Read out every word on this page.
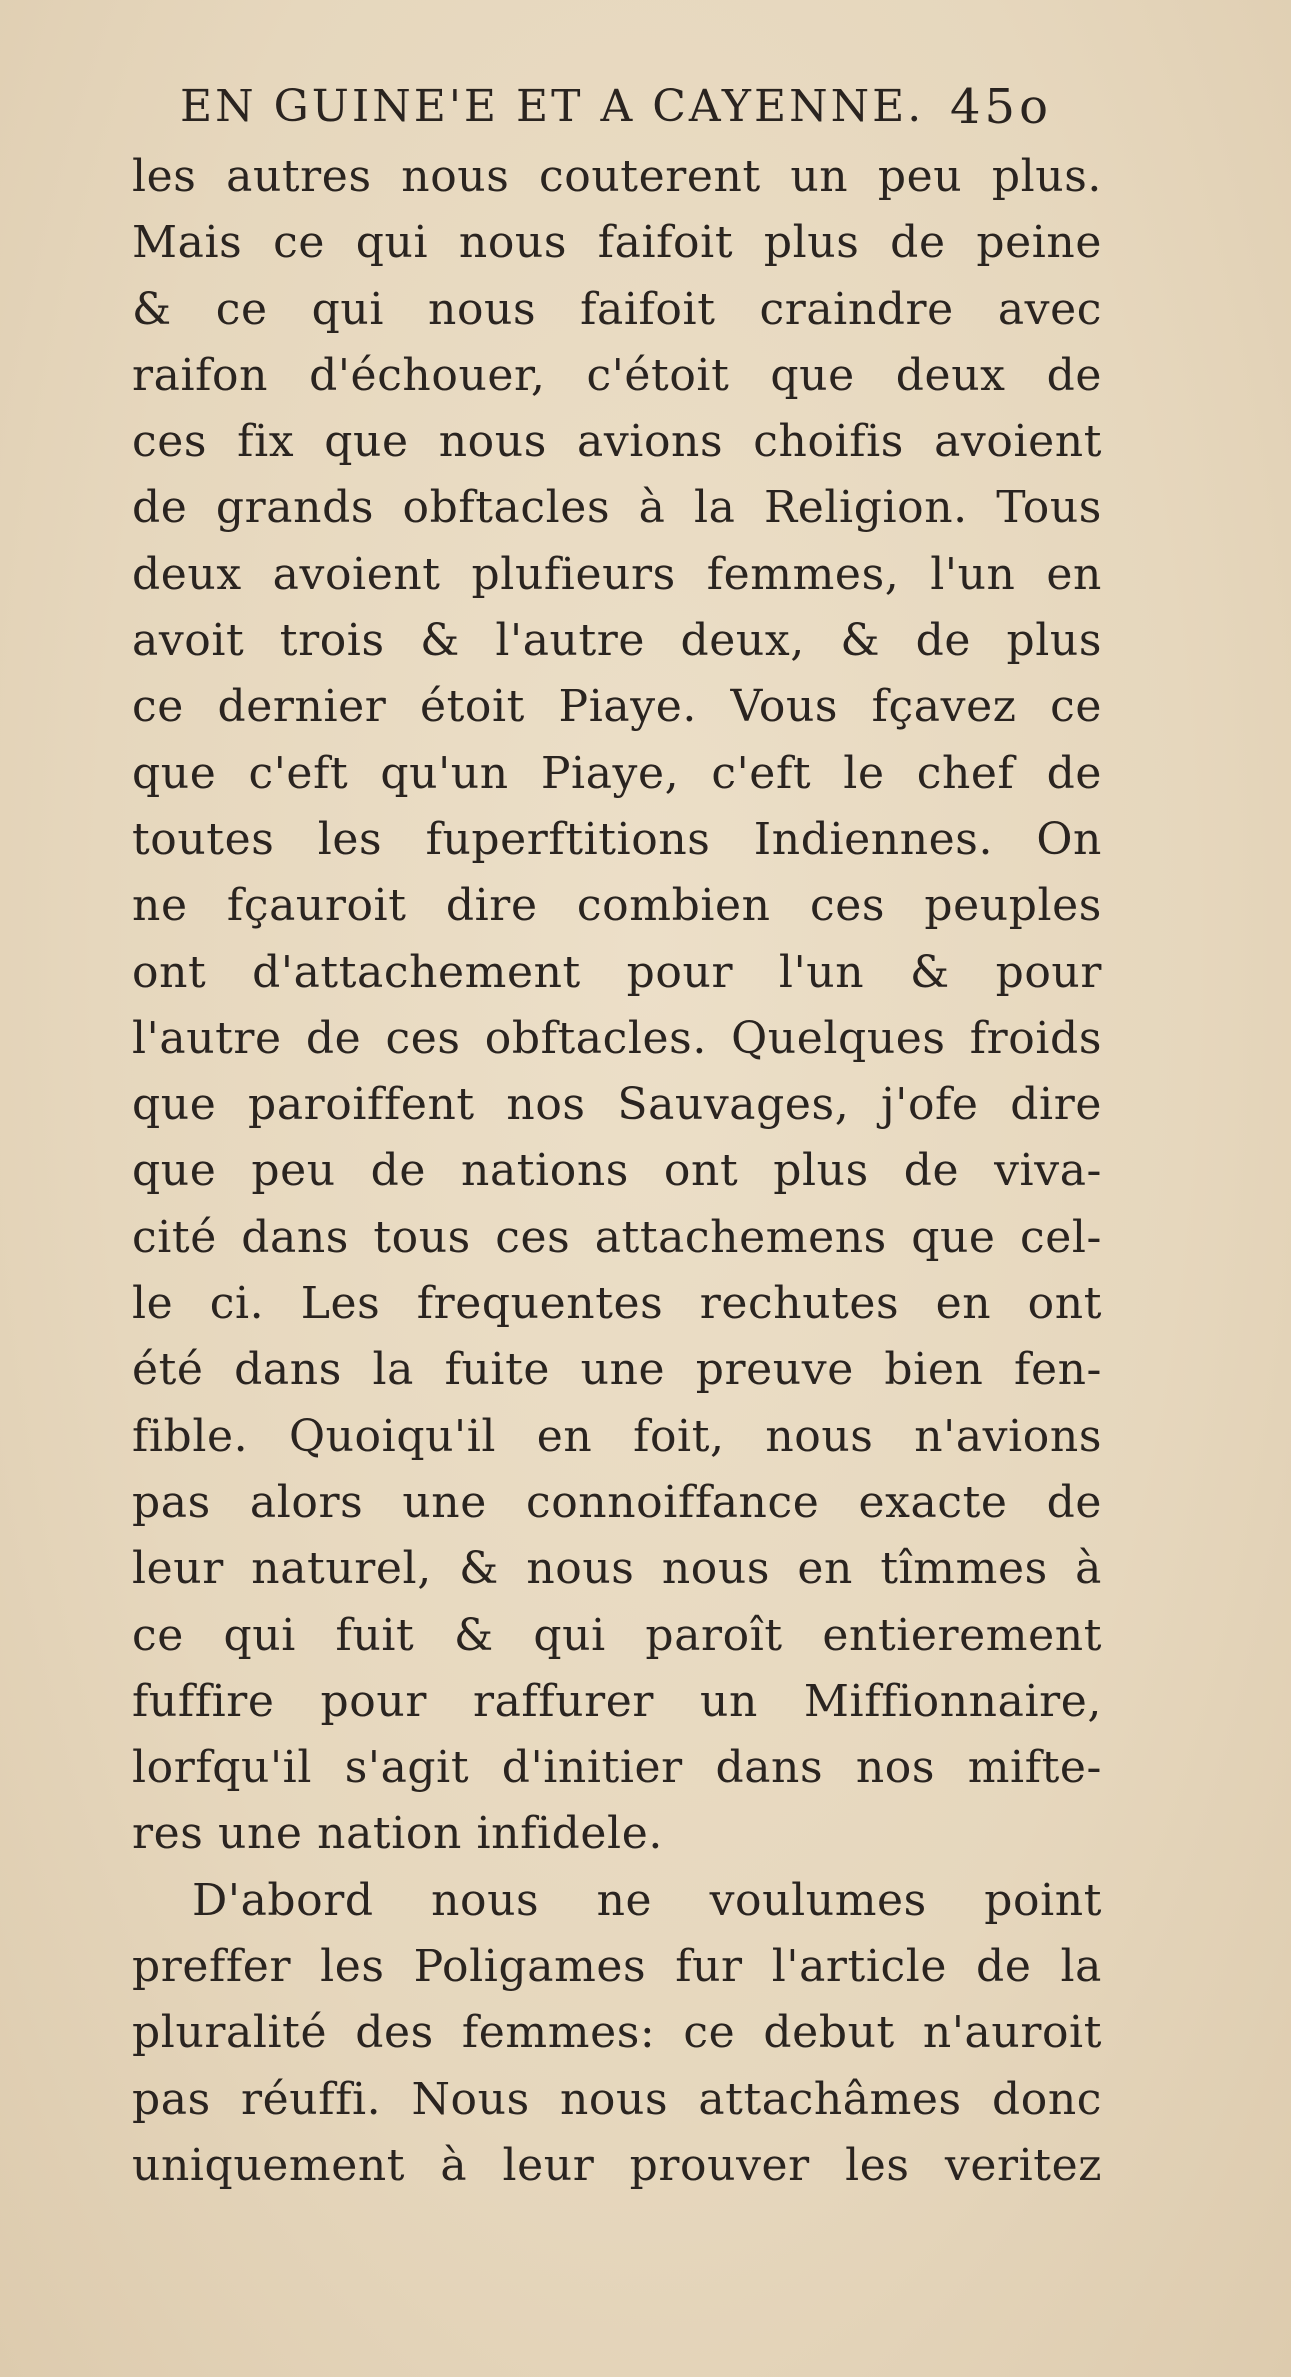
EN GUINE'E ET A CAYENNE. 45o
les autres nous couterent un peu plus.
Mais ce qui nous faifoit plus de peine
& ce qui nous faifoit craindre avec
raifon d'échouer, c'étoit que deux de
ces fix que nous avions choifis avoient
de grands obftacles à la Religion. Tous
deux avoient plufieurs femmes, l'un en
avoit trois & l'autre deux, & de plus
ce dernier étoit Piaye. Vous fçavez ce
que c'eft qu'un Piaye, c'eft le chef de
toutes les fuperftitions Indiennes. On
ne fçauroit dire combien ces peuples
ont d'attachement pour l'un & pour
l'autre de ces obftacles. Quelques froids
que paroiffent nos Sauvages, j'ofe dire
que peu de nations ont plus de viva-
cité dans tous ces attachemens que cel-
le ci. Les frequentes rechutes en ont
été dans la fuite une preuve bien fen-
fible. Quoiqu'il en foit, nous n'avions
pas alors une connoiffance exacte de
leur naturel, & nous nous en tîmmes à
ce qui fuit & qui paroît entierement
fuffire pour raffurer un Miffionnaire,
lorfqu'il s'agit d'initier dans nos mifte-
res une nation infidele.
D'abord nous ne voulumes point
preffer les Poligames fur l'article de la
pluralité des femmes: ce debut n'auroit
pas réuffi. Nous nous attachâmes donc
uniquement à leur prouver les veritez
